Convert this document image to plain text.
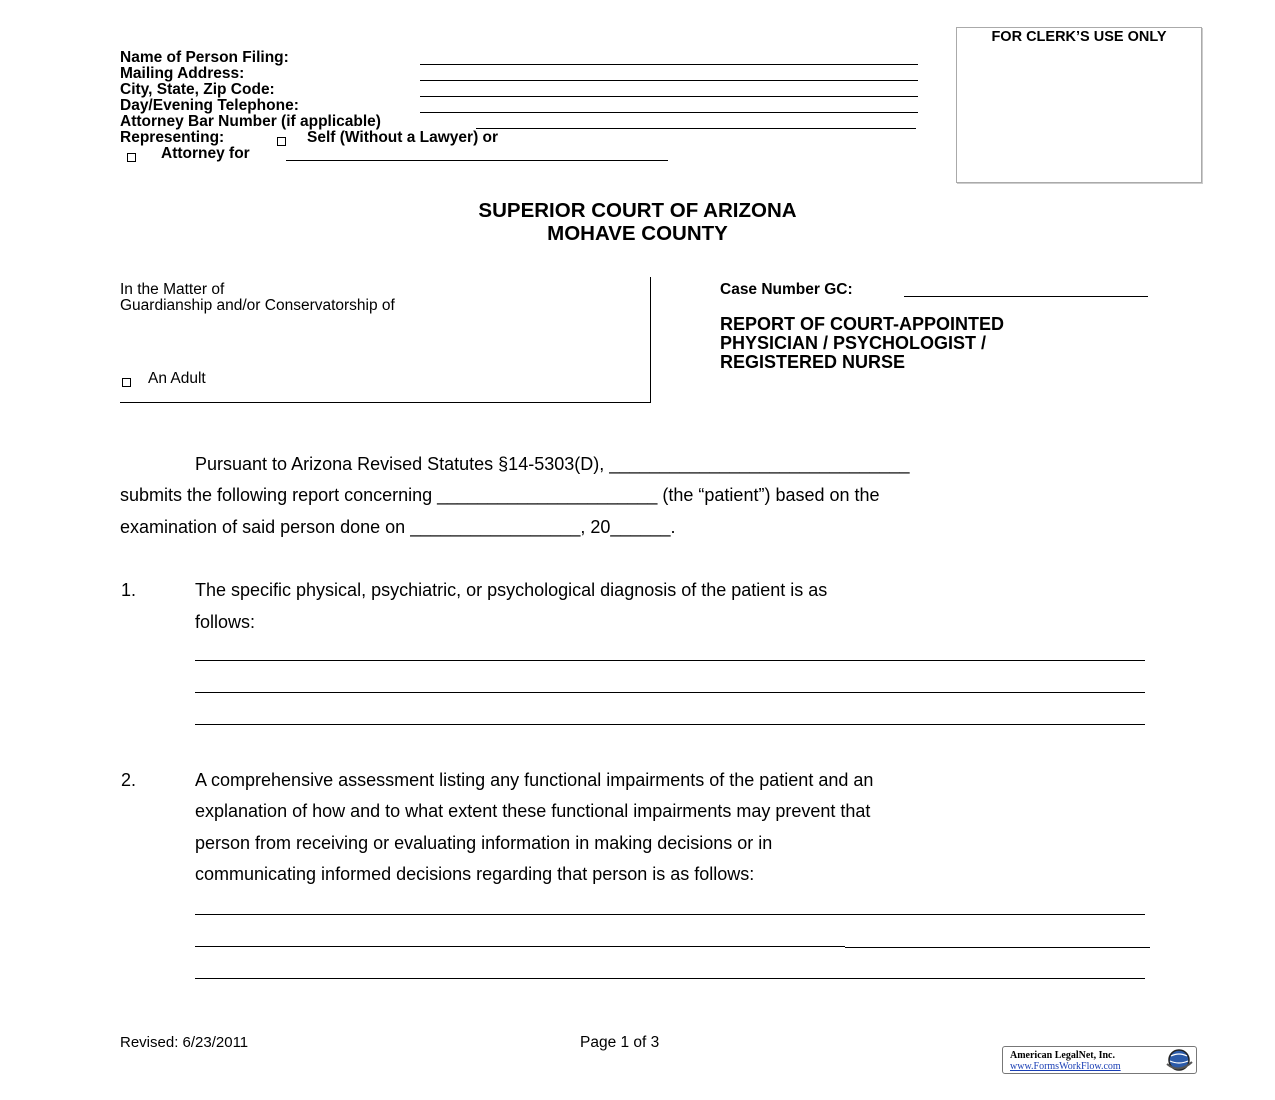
Name of Person Filing:
Mailing Address:
City, State, Zip Code:
Day/Evening Telephone:
Attorney Bar Number (if applicable)
Representing:	Self (Without a Lawyer) or
Attorney for
FOR CLERK’S USE ONLY
SUPERIOR COURT OF ARIZONA
MOHAVE COUNTY
In the Matter of
Guardianship and/or Conservatorship of
An Adult
Case Number GC:
REPORT OF COURT-APPOINTED
PHYSICIAN / PSYCHOLOGIST /
REGISTERED NURSE
Pursuant to Arizona Revised Statutes §14-5303(D), ______________________________
submits the following report concerning ______________________ (the “patient”) based on the
examination of said person done on _________________, 20______.
1.	The specific physical, psychiatric, or psychological diagnosis of the patient is as
follows:
2.	A comprehensive assessment listing any functional impairments of the patient and an
explanation of how and to what extent these functional impairments may prevent that
person from receiving or evaluating information in making decisions or in
communicating informed decisions regarding that person is as follows:
Revised: 6/23/2011	Page 1 of 3
American LegalNet, Inc.
www.FormsWorkFlow.com
